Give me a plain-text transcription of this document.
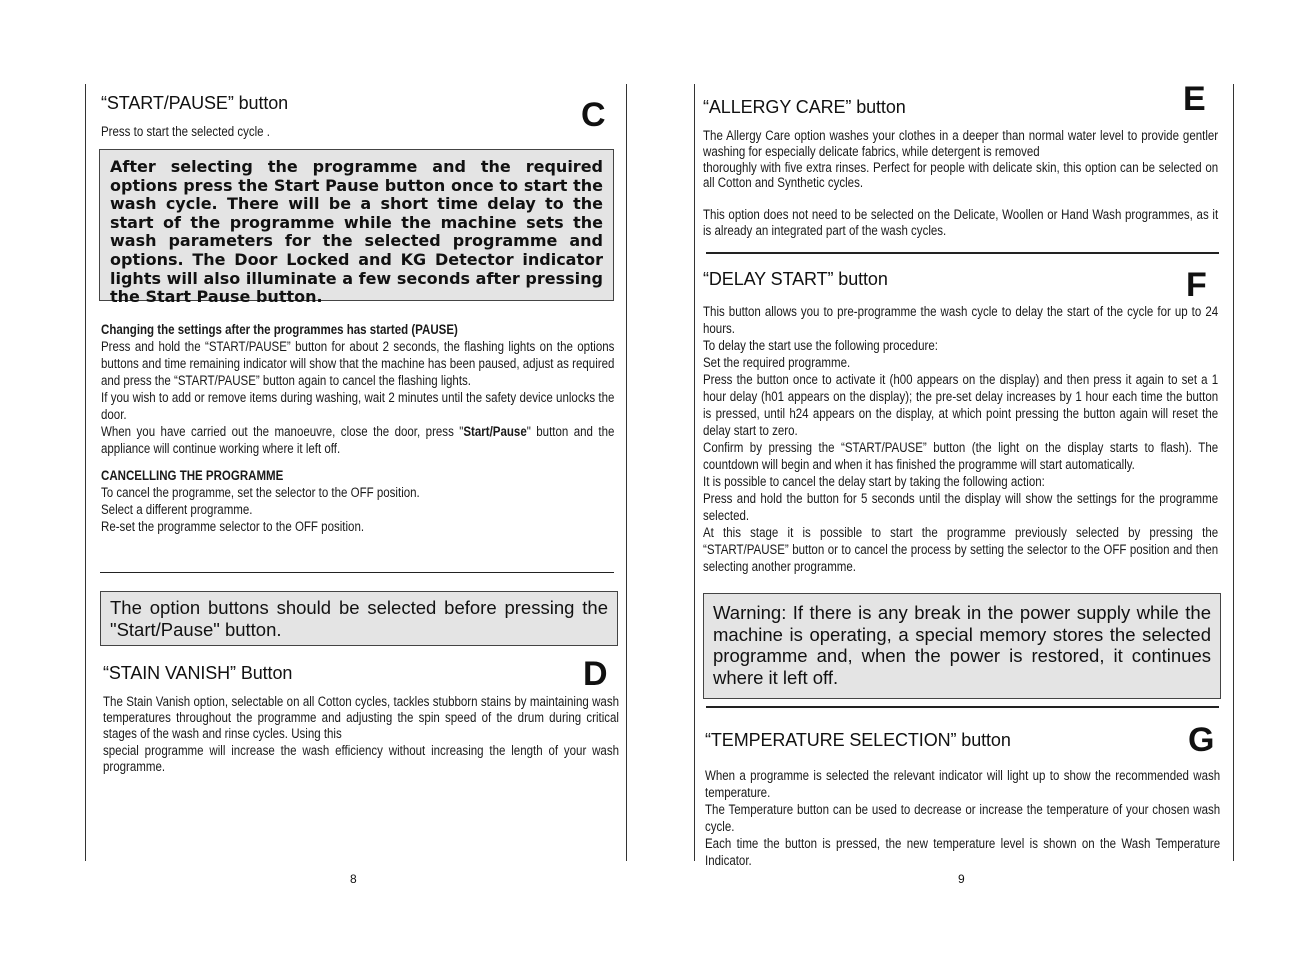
“START/PAUSE” button	C

Press to start the selected cycle .

After selecting the programme and the required options press the Start Pause button once to start the wash cycle. There will be a short time delay to the start of the programme while the machine sets the wash parameters for the selected programme and options. The Door Locked and KG Detector indicator lights will also illuminate a few seconds after pressing the Start Pause button.

Changing the settings after the programmes has started (PAUSE)

Press and hold the “START/PAUSE” button for about 2 seconds, the flashing lights on the options buttons and time remaining indicator will show that the machine has been paused, adjust as required and press the “START/PAUSE” button again to cancel the flashing lights.

If you wish to add or remove items during washing, wait 2 minutes until the safety device unlocks the door.

When you have carried out the manoeuvre, close the door, press "Start/Pause" button and the appliance will continue working where it left off.

CANCELLING THE PROGRAMME

To cancel the programme, set the selector to the OFF position.

Select a different programme.

Re-set the programme selector to the OFF position.

The option buttons should be selected before pressing the "Start/Pause" button.
“STAIN VANISH” Button	D

The Stain Vanish option, selectable on all Cotton cycles, tackles stubborn stains by maintaining wash temperatures throughout the programme and adjusting the spin speed of the drum during critical stages of the wash and rinse cycles. Using this

special programme will increase the wash efficiency without increasing the length of your wash programme.

8
“ALLERGY CARE” button	E

The Allergy Care option washes your clothes in a deeper than normal water level to provide gentler washing for especially delicate fabrics, while detergent is removed

thoroughly with five extra rinses. Perfect for people with delicate skin, this option can be selected on all Cotton and Synthetic cycles.

This option does not need to be selected on the Delicate, Woollen or Hand Wash programmes, as it is already an integrated part of the wash cycles.

“DELAY START” button	F

This button allows you to pre-programme the wash cycle to delay the start of the cycle for up to 24 hours.

To delay the start use the following procedure:

Set the required programme.

Press the button once to activate it (h00 appears on the display) and then press it again to set a 1 hour delay (h01 appears on the display); the pre-set delay increases by 1 hour each time the button is pressed, until h24 appears on the display, at which point pressing the button again will reset the delay start to zero.

Confirm by pressing the “START/PAUSE” button (the light on the display starts to flash). The countdown will begin and when it has finished the programme will start automatically.

It is possible to cancel the delay start by taking the following action:

Press and hold the button for 5 seconds until the display will show the settings for the programme selected.

At this stage it is possible to start the programme previously selected by pressing the “START/PAUSE” button or to cancel the process by setting the selector to the OFF position and then selecting another programme.

Warning: If there is any break in the power supply while the machine is operating, a special memory stores the selected programme and, when the power is restored, it continues where it left off.
“TEMPERATURE SELECTION” button	G

When a programme is selected the relevant indicator will light up to show the recommended wash temperature.

The Temperature button can be used to decrease or increase the temperature of your chosen wash cycle.

Each time the button is pressed, the new temperature level is shown on the Wash Temperature Indicator.

9
